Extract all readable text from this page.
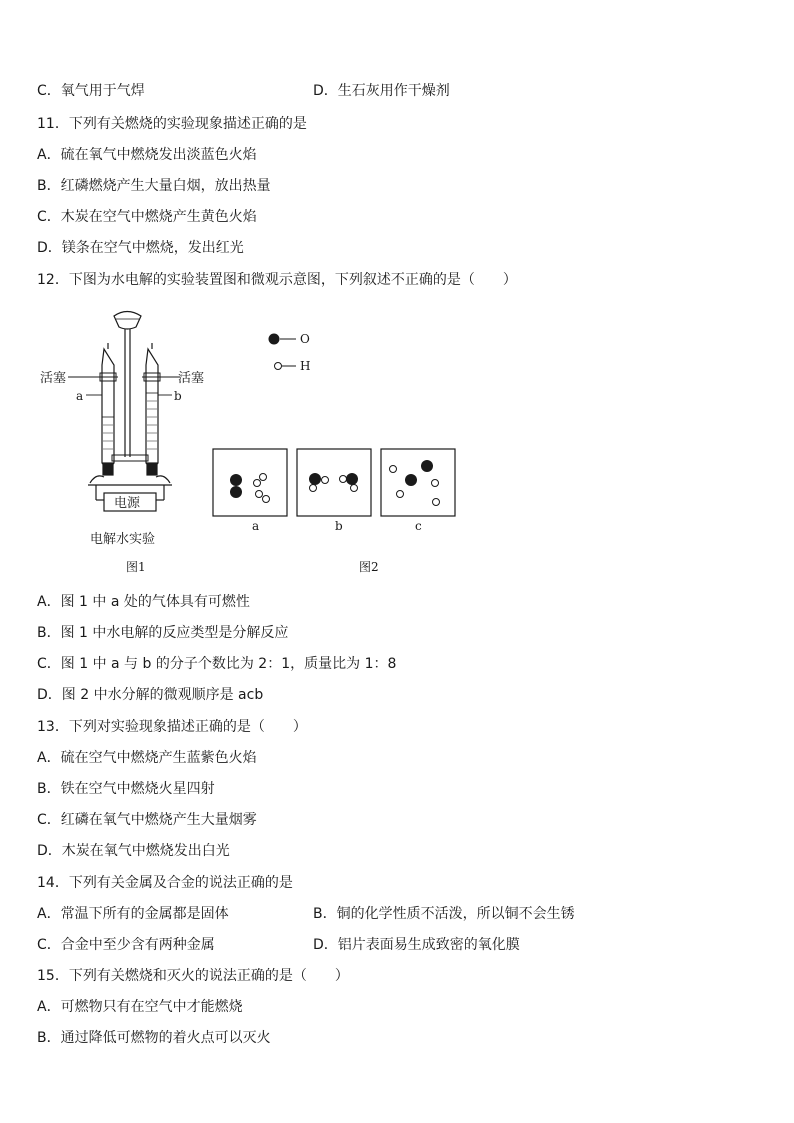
C．氧气用于气焊	D．生石灰用作干燥剂
11．下列有关燃烧的实验现象描述正确的是
A．硫在氧气中燃烧发出淡蓝色火焰
B．红磷燃烧产生大量白烟，放出热量
C．木炭在空气中燃烧产生黄色火焰
D．镁条在空气中燃烧，发出红光
12．下图为水电解的实验装置图和微观示意图，下列叙述不正确的是（　　）
活塞	活塞
a	b
电源
电解水实验
图1
O
H
a	b	c
图2
A．图 1 中 a 处的气体具有可燃性
B．图 1 中水电解的反应类型是分解反应
C．图 1 中 a 与 b 的分子个数比为 2：1，质量比为 1：8
D．图 2 中水分解的微观顺序是 acb
13．下列对实验现象描述正确的是（　　）
A．硫在空气中燃烧产生蓝紫色火焰
B．铁在空气中燃烧火星四射
C．红磷在氧气中燃烧产生大量烟雾
D．木炭在氧气中燃烧发出白光
14．下列有关金属及合金的说法正确的是
A．常温下所有的金属都是固体	B．铜的化学性质不活泼，所以铜不会生锈
C．合金中至少含有两种金属	D．铝片表面易生成致密的氧化膜
15．下列有关燃烧和灭火的说法正确的是（　　）
A．可燃物只有在空气中才能燃烧
B．通过降低可燃物的着火点可以灭火
